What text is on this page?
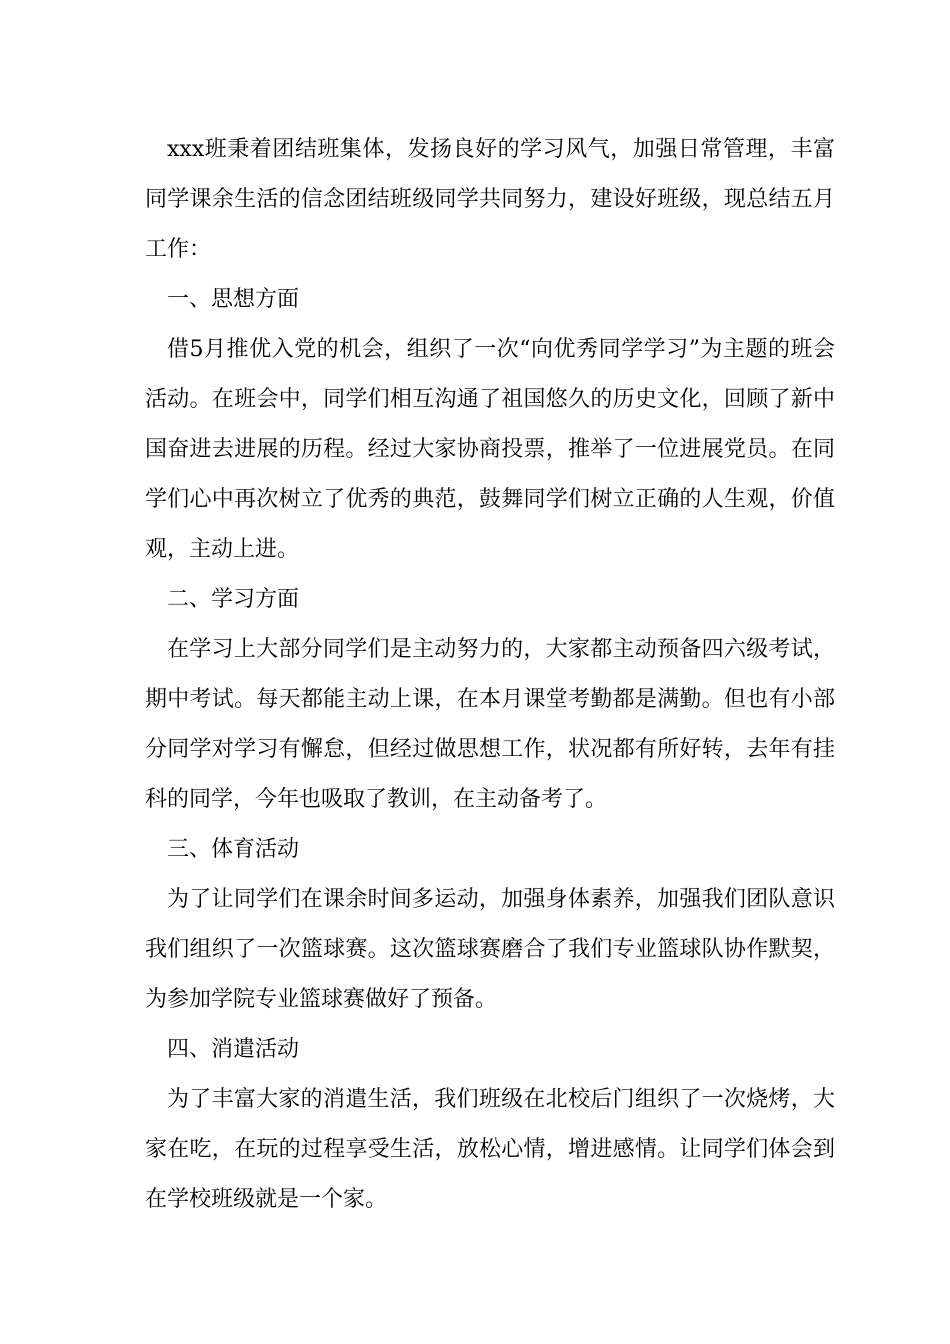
xxx班秉着团结班集体，发扬良好的学习风气，加强日常管理，丰富同学课余生活的信念团结班级同学共同努力，建设好班级，现总结五月工作：

一、思想方面

借5月推优入党的机会，组织了一次“向优秀同学学习”为主题的班会活动。在班会中，同学们相互沟通了祖国悠久的历史文化，回顾了新中国奋进去进展的历程。经过大家协商投票，推举了一位进展党员。在同学们心中再次树立了优秀的典范，鼓舞同学们树立正确的人生观，价值观，主动上进。

二、学习方面

在学习上大部分同学们是主动努力的，大家都主动预备四六级考试，期中考试。每天都能主动上课，在本月课堂考勤都是满勤。但也有小部分同学对学习有懈怠，但经过做思想工作，状况都有所好转，去年有挂科的同学，今年也吸取了教训，在主动备考了。

三、体育活动

为了让同学们在课余时间多运动，加强身体素养，加强我们团队意识我们组织了一次篮球赛。这次篮球赛磨合了我们专业篮球队协作默契，为参加学院专业篮球赛做好了预备。

四、消遣活动

为了丰富大家的消遣生活，我们班级在北校后门组织了一次烧烤，大家在吃，在玩的过程享受生活，放松心情，增进感情。让同学们体会到在学校班级就是一个家。
